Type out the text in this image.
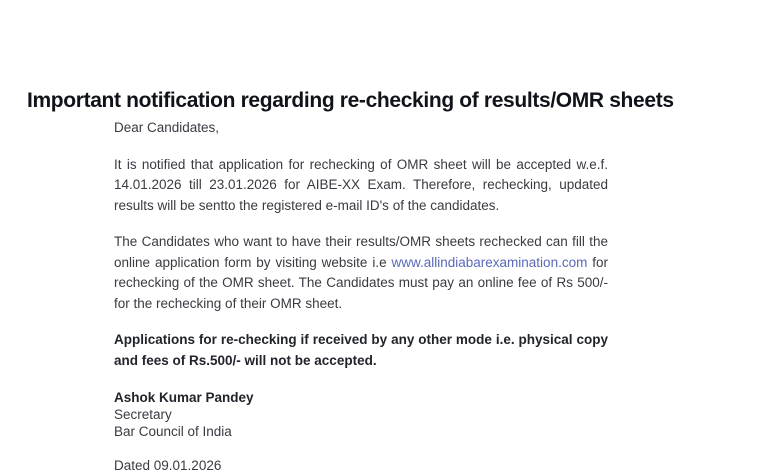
Important notification regarding re-checking of results/OMR sheets

Dear Candidates,

It is notified that application for rechecking of OMR sheet will be accepted w.e.f. 14.01.2026 till 23.01.2026 for AIBE-XX Exam. Therefore, rechecking, updated results will be sentto the registered e-mail ID's of the candidates.

The Candidates who want to have their results/OMR sheets rechecked can fill the online application form by visiting website i.e www.allindiabarexamination.com for rechecking of the OMR sheet. The Candidates must pay an online fee of Rs 500/- for the rechecking of their OMR sheet.

Applications for re-checking if received by any other mode i.e. physical copy and fees of Rs.500/- will not be accepted.

Ashok Kumar Pandey
Secretary
Bar Council of India
Dated 09.01.2026
